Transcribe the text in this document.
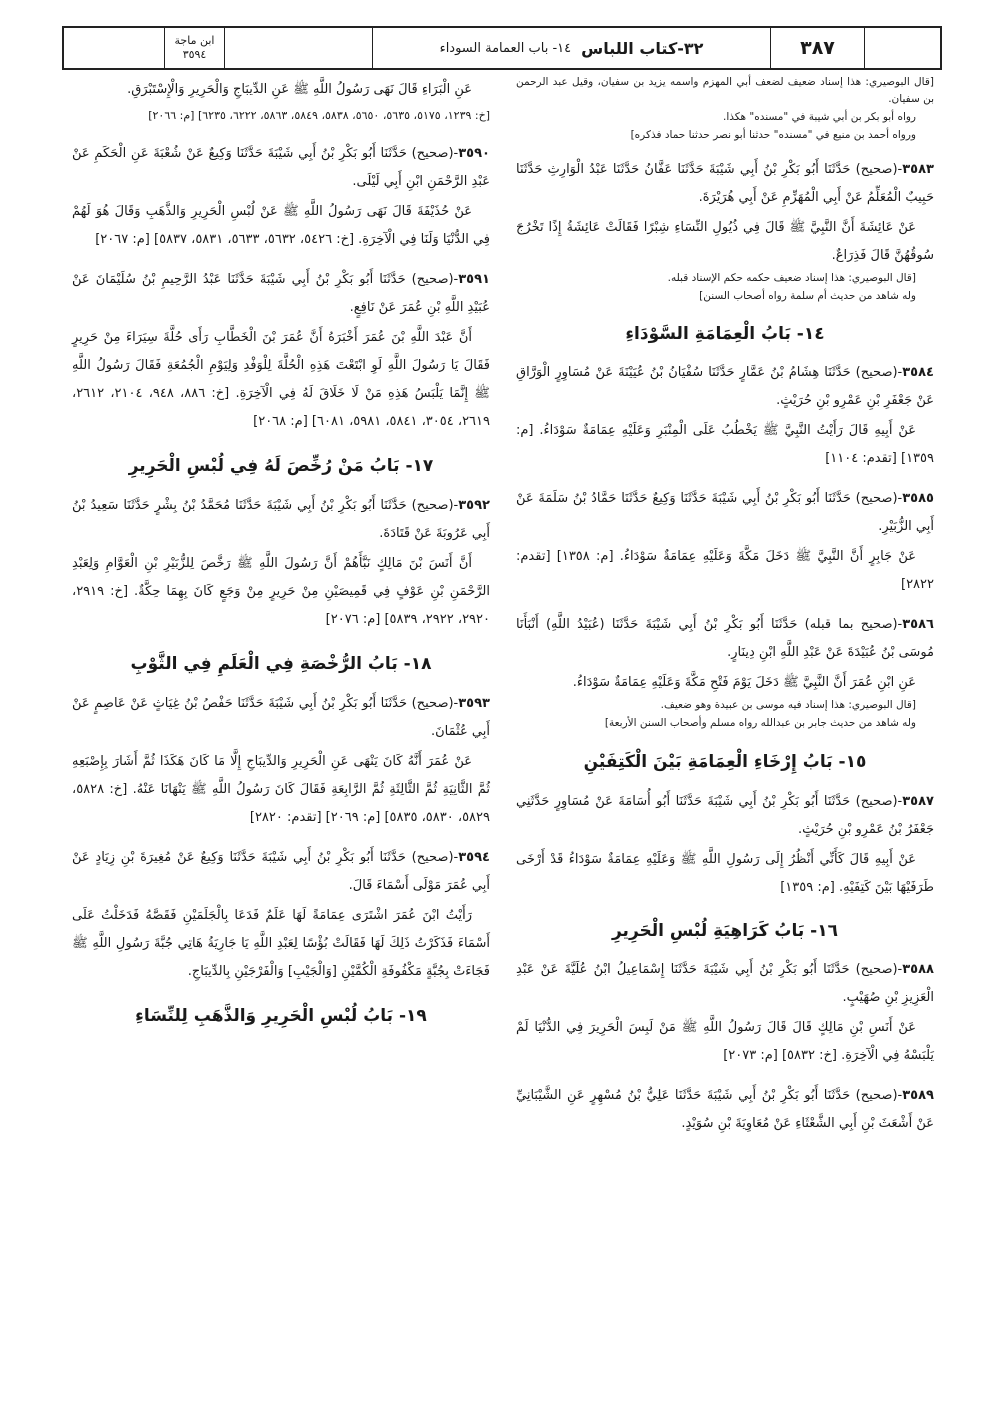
٣٨٧
٣٢-كتاب اللباس
١٤- باب العمامة السوداء
ابن ماجة
٣٥٩٤

[قال البوصيري: هذا إسناد ضعيف لضعف أبي المهزم واسمه يزيد بن سفيان، وقيل عبد الرحمن بن سفيان.

رواه أبو بكر بن أبي شيبة في "مسنده" هكذا.

ورواه أحمد بن منيع في "مسنده" حدثنا أبو نصر حدثنا حماد فذكره]

٣٥٨٣-(صحيح) حَدَّثَنَا أَبُو بَكْرِ بْنُ أَبِي شَيْبَةَ حَدَّثَنَا عَفَّانُ حَدَّثَنَا عَبْدُ الْوَارِثِ حَدَّثَنَا حَبِيبٌ الْمُعَلِّمُ عَنْ أَبِي الْمُهَزِّمِ عَنْ أَبِي هُرَيْرَةَ.

عَنْ عَائِشَةَ أَنَّ النَّبِيَّ ﷺ قَالَ فِي ذُيُولِ النِّسَاءِ شِبْرًا فَقَالَتْ عَائِشَةُ إِذًا تَخْرُجَ سُوقُهُنَّ قَالَ فَذِرَاعٌ.

[قال البوصيري: هذا إسناد ضعيف حكمه حكم الإسناد قبله.

وله شاهد من حديث أم سلمة رواه أصحاب السنن]

١٤- بَابُ الْعِمَامَةِ السَّوْدَاءِ

٣٥٨٤-(صحيح) حَدَّثَنَا هِشَامُ بْنُ عَمَّارٍ حَدَّثَنَا سُفْيَانُ بْنُ عُيَيْنَةَ عَنْ مُسَاوِرٍ الْوَرَّاقِ عَنْ جَعْفَرِ بْنِ عَمْرِو بْنِ حُرَيْثٍ.

عَنْ أَبِيهِ قَالَ رَأَيْتُ النَّبِيَّ ﷺ يَخْطُبُ عَلَى الْمِنْبَرِ وَعَلَيْهِ عِمَامَةٌ سَوْدَاءُ. [م: ١٣٥٩] [تقدم: ١١٠٤]

٣٥٨٥-(صحيح) حَدَّثَنَا أَبُو بَكْرِ بْنُ أَبِي شَيْبَةَ حَدَّثَنَا وَكِيعٌ حَدَّثَنَا حَمَّادُ بْنُ سَلَمَةَ عَنْ أَبِي الزُّبَيْرِ.

عَنْ جَابِرٍ أَنَّ النَّبِيَّ ﷺ دَخَلَ مَكَّةَ وَعَلَيْهِ عِمَامَةٌ سَوْدَاءُ. [م: ١٣٥٨] [تقدم: ٢٨٢٢]

٣٥٨٦-(صحيح بما قبله) حَدَّثَنَا أَبُو بَكْرِ بْنُ أَبِي شَيْبَةَ حَدَّثَنَا (عُبَيْدُ اللَّهِ) أَنْبَأَنَا مُوسَى بْنُ عُبَيْدَةَ عَنْ عَبْدِ اللَّهِ ابْنِ دِينَارٍ.

عَنِ ابْنِ عُمَرَ أَنَّ النَّبِيَّ ﷺ دَخَلَ يَوْمَ فَتْحِ مَكَّةَ وَعَلَيْهِ عِمَامَةٌ سَوْدَاءُ.

[قال البوصيري: هذا إسناد فيه موسى بن عبيدة وهو ضعيف.

وله شاهد من حديث جابر بن عبدالله رواه مسلم وأصحاب السنن الأربعة]

١٥- بَابُ إِرْخَاءِ الْعِمَامَةِ بَيْنَ الْكَتِفَيْنِ

٣٥٨٧-(صحيح) حَدَّثَنَا أَبُو بَكْرِ بْنُ أَبِي شَيْبَةَ حَدَّثَنَا أَبُو أُسَامَةَ عَنْ مُسَاوِرٍ حَدَّثَنِي جَعْفَرُ بْنُ عَمْرِو بْنِ حُرَيْثٍ.

عَنْ أَبِيهِ قَالَ كَأَنِّي أَنْظُرُ إِلَى رَسُولِ اللَّهِ ﷺ وَعَلَيْهِ عِمَامَةٌ سَوْدَاءُ قَدْ أَرْخَى طَرَفَيْهَا بَيْنَ كَتِفَيْهِ. [م: ١٣٥٩]

١٦- بَابُ كَرَاهِيَةِ لُبْسِ الْحَرِيرِ

٣٥٨٨-(صحيح) حَدَّثَنَا أَبُو بَكْرِ بْنُ أَبِي شَيْبَةَ حَدَّثَنَا إِسْمَاعِيلُ ابْنُ عُلَيَّةَ عَنْ عَبْدِ الْعَزِيزِ بْنِ صُهَيْبٍ.

عَنْ أَنَسِ بْنِ مَالِكٍ قَالَ قَالَ رَسُولُ اللَّهِ ﷺ مَنْ لَبِسَ الْحَرِيرَ فِي الدُّنْيَا لَمْ يَلْبَسْهُ فِي الْآخِرَةِ. [خ: ٥٨٣٢] [م: ٢٠٧٣]

٣٥٨٩-(صحيح) حَدَّثَنَا أَبُو بَكْرِ بْنُ أَبِي شَيْبَةَ حَدَّثَنَا عَلِيُّ بْنُ مُسْهِرٍ عَنِ الشَّيْبَانِيِّ عَنْ أَشْعَثَ بْنِ أَبِي الشَّعْثَاءِ عَنْ مُعَاوِيَةَ بْنِ سُوَيْدٍ.

عَنِ الْبَرَاءِ قَالَ نَهَى رَسُولُ اللَّهِ ﷺ عَنِ الدِّيبَاجِ وَالْحَرِيرِ وَالْإِسْتَبْرَقِ.

[خ: ١٢٣٩، ٥١٧٥، ٥٦٣٥، ٥٦٥٠، ٥٨٣٨، ٥٨٤٩، ٥٨٦٣، ٦٢٢٢، ٦٢٣٥] [م: ٢٠٦٦]

٣٥٩٠-(صحيح) حَدَّثَنَا أَبُو بَكْرِ بْنُ أَبِي شَيْبَةَ حَدَّثَنَا وَكِيعٌ عَنْ شُعْبَةَ عَنِ الْحَكَمِ عَنْ عَبْدِ الرَّحْمَنِ ابْنِ أَبِي لَيْلَى.

عَنْ حُذَيْفَةَ قَالَ نَهَى رَسُولُ اللَّهِ ﷺ عَنْ لُبْسِ الْحَرِيرِ وَالذَّهَبِ وَقَالَ هُوَ لَهُمْ فِي الدُّنْيَا وَلَنَا فِي الْآخِرَةِ. [خ: ٥٤٢٦، ٥٦٣٢، ٥٦٣٣، ٥٨٣١، ٥٨٣٧] [م: ٢٠٦٧]

٣٥٩١-(صحيح) حَدَّثَنَا أَبُو بَكْرِ بْنُ أَبِي شَيْبَةَ حَدَّثَنَا عَبْدُ الرَّحِيمِ بْنُ سُلَيْمَانَ عَنْ عُبَيْدِ اللَّهِ بْنِ عُمَرَ عَنْ نَافِعٍ.

أَنَّ عَبْدَ اللَّهِ بْنَ عُمَرَ أَخْبَرَهُ أَنَّ عُمَرَ بْنَ الْخَطَّابِ رَأَى حُلَّةَ سِيَرَاءَ مِنْ حَرِيرٍ فَقَالَ يَا رَسُولَ اللَّهِ لَوِ ابْتَعْتَ هَذِهِ الْحُلَّةَ لِلْوَفْدِ وَلِيَوْمِ الْجُمُعَةِ فَقَالَ رَسُولُ اللَّهِ ﷺ إِنَّمَا يَلْبَسُ هَذِهِ مَنْ لَا خَلَاقَ لَهُ فِي الْآخِرَةِ. [خ: ٨٨٦، ٩٤٨، ٢١٠٤، ٢٦١٢، ٢٦١٩، ٣٠٥٤، ٥٨٤١، ٥٩٨١، ٦٠٨١] [م: ٢٠٦٨]

١٧- بَابُ مَنْ رُخِّصَ لَهُ فِي لُبْسِ الْحَرِيرِ

٣٥٩٢-(صحيح) حَدَّثَنَا أَبُو بَكْرِ بْنُ أَبِي شَيْبَةَ حَدَّثَنَا مُحَمَّدُ بْنُ بِشْرٍ حَدَّثَنَا سَعِيدُ بْنُ أَبِي عَرُوبَةَ عَنْ قَتَادَةَ.

أَنَّ أَنَسَ بْنَ مَالِكٍ نَبَّأَهُمْ أَنَّ رَسُولَ اللَّهِ ﷺ رَخَّصَ لِلزُّبَيْرِ بْنِ الْعَوَّامِ وَلِعَبْدِ الرَّحْمَنِ بْنِ عَوْفٍ فِي قَمِيصَيْنِ مِنْ حَرِيرٍ مِنْ وَجَعٍ كَانَ بِهِمَا حِكَّةٌ. [خ: ٢٩١٩، ٢٩٢٠، ٢٩٢٢، ٥٨٣٩] [م: ٢٠٧٦]

١٨- بَابُ الرُّخْصَةِ فِي الْعَلَمِ فِي الثَّوْبِ

٣٥٩٣-(صحيح) حَدَّثَنَا أَبُو بَكْرِ بْنُ أَبِي شَيْبَةَ حَدَّثَنَا حَفْصُ بْنُ غِيَاثٍ عَنْ عَاصِمٍ عَنْ أَبِي عُثْمَانَ.

عَنْ عُمَرَ أَنَّهُ كَانَ يَنْهَى عَنِ الْحَرِيرِ وَالدِّيبَاجِ إِلَّا مَا كَانَ هَكَذَا ثُمَّ أَشَارَ بِإِصْبَعِهِ ثُمَّ الثَّانِيَةِ ثُمَّ الثَّالِثَةِ ثُمَّ الرَّابِعَةِ فَقَالَ كَانَ رَسُولُ اللَّهِ ﷺ يَنْهَانَا عَنْهُ. [خ: ٥٨٢٨، ٥٨٢٩، ٥٨٣٠، ٥٨٣٥] [م: ٢٠٦٩] [تقدم: ٢٨٢٠]

٣٥٩٤-(صحيح) حَدَّثَنَا أَبُو بَكْرِ بْنُ أَبِي شَيْبَةَ حَدَّثَنَا وَكِيعٌ عَنْ مُغِيرَةَ بْنِ زِيَادٍ عَنْ أَبِي عُمَرَ مَوْلَى أَسْمَاءَ قَالَ.

رَأَيْتُ ابْنَ عُمَرَ اشْتَرَى عِمَامَةً لَهَا عَلَمٌ فَدَعَا بِالْجَلَمَيْنِ فَقَصَّهُ فَدَخَلْتُ عَلَى أَسْمَاءَ فَذَكَرْتُ ذَلِكَ لَهَا فَقَالَتْ بُؤْسًا لِعَبْدِ اللَّهِ يَا جَارِيَةُ هَاتِي جُبَّةَ رَسُولِ اللَّهِ ﷺ فَجَاءَتْ بِجُبَّةٍ مَكْفُوفَةِ الْكُمَّيْنِ [وَالْجَيْبِ] وَالْفَرْجَيْنِ بِالدِّيبَاجِ.

١٩- بَابُ لُبْسِ الْحَرِيرِ وَالذَّهَبِ لِلنِّسَاءِ
